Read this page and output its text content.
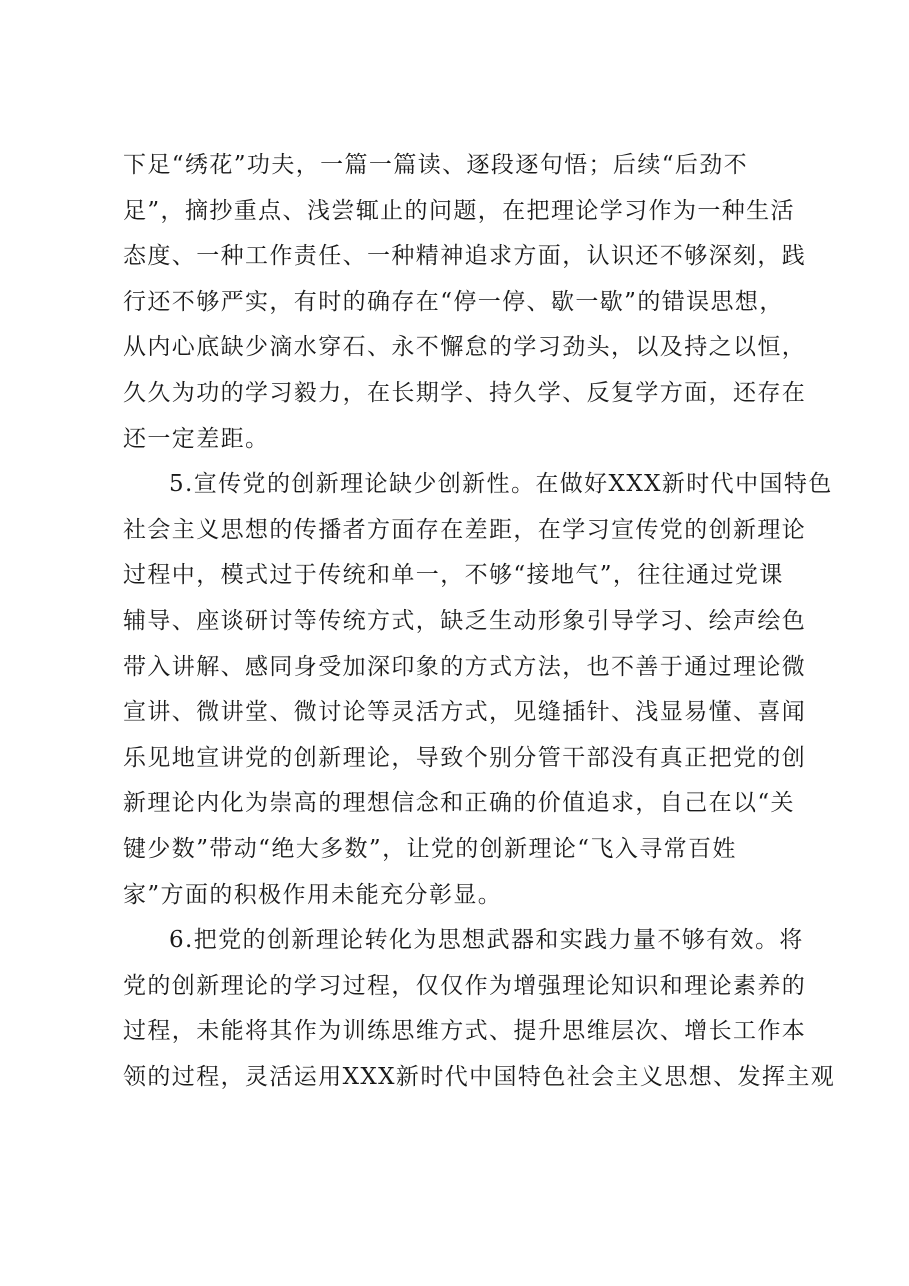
下足“绣花”功夫，一篇一篇读、逐段逐句悟；后续“后劲不
足”，摘抄重点、浅尝辄止的问题，在把理论学习作为一种生活
态度、一种工作责任、一种精神追求方面，认识还不够深刻，践
行还不够严实，有时的确存在“停一停、歇一歇”的错误思想，
从内心底缺少滴水穿石、永不懈怠的学习劲头，以及持之以恒，
久久为功的学习毅力，在长期学、持久学、反复学方面，还存在
还一定差距。
5.宣传党的创新理论缺少创新性。在做好XXX新时代中国特色
社会主义思想的传播者方面存在差距，在学习宣传党的创新理论
过程中，模式过于传统和单一，不够“接地气”，往往通过党课
辅导、座谈研讨等传统方式，缺乏生动形象引导学习、绘声绘色
带入讲解、感同身受加深印象的方式方法，也不善于通过理论微
宣讲、微讲堂、微讨论等灵活方式，见缝插针、浅显易懂、喜闻
乐见地宣讲党的创新理论，导致个别分管干部没有真正把党的创
新理论内化为崇高的理想信念和正确的价值追求，自己在以“关
键少数”带动“绝大多数”，让党的创新理论“飞入寻常百姓
家”方面的积极作用未能充分彰显。
6.把党的创新理论转化为思想武器和实践力量不够有效。将
党的创新理论的学习过程，仅仅作为增强理论知识和理论素养的
过程，未能将其作为训练思维方式、提升思维层次、增长工作本
领的过程，灵活运用XXX新时代中国特色社会主义思想、发挥主观
